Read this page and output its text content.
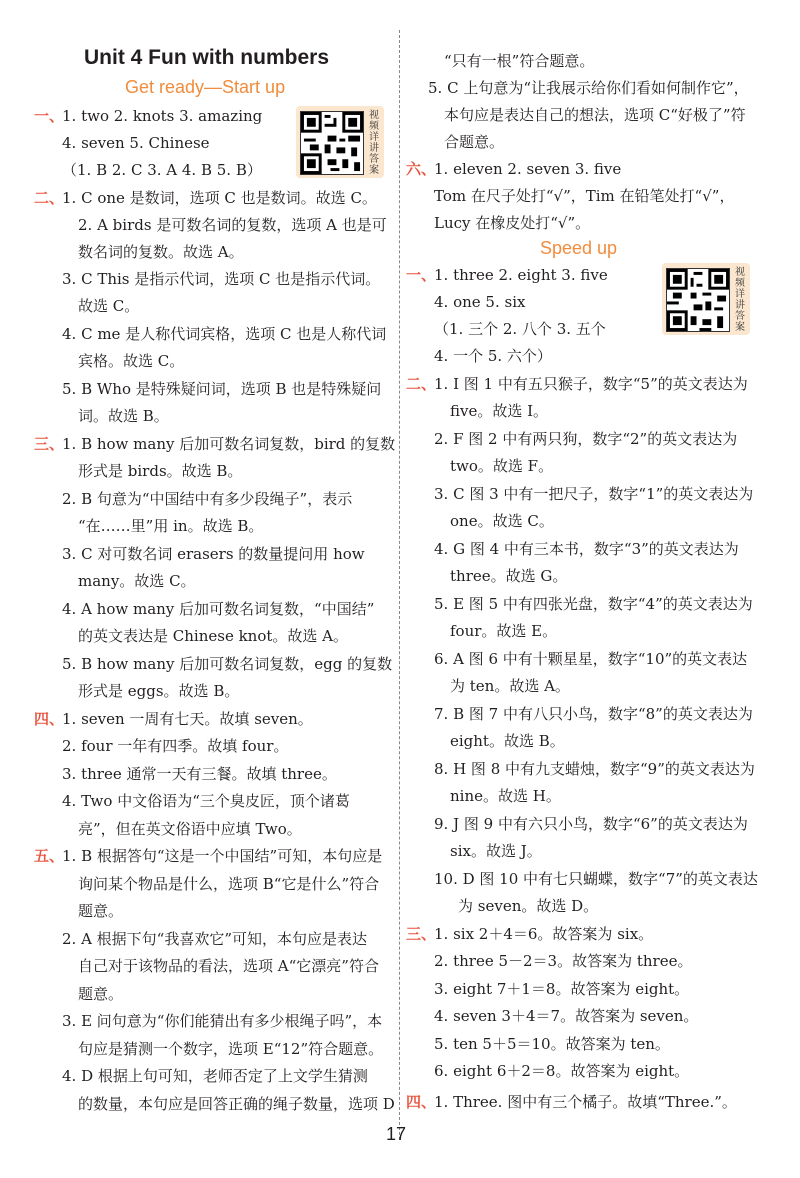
Unit 4 Fun with numbers
Get ready—Start up
一、
1. two 2. knots 3. amazing
4. seven 5. Chinese
（1. B 2. C 3. A 4. B 5. B）
视频详讲答案
二、
1. C one 是数词，选项 C 也是数词。故选 C。
2. A birds 是可数名词的复数，选项 A 也是可
数名词的复数。故选 A。
3. C This 是指示代词，选项 C 也是指示代词。
故选 C。
4. C me 是人称代词宾格，选项 C 也是人称代词
宾格。故选 C。
5. B Who 是特殊疑问词，选项 B 也是特殊疑问
词。故选 B。
三、
1. B how many 后加可数名词复数，bird 的复数
形式是 birds。故选 B。
2. B 句意为“中国结中有多少段绳子”，表示
“在……里”用 in。故选 B。
3. C 对可数名词 erasers 的数量提问用 how
many。故选 C。
4. A how many 后加可数名词复数，“中国结”
的英文表达是 Chinese knot。故选 A。
5. B how many 后加可数名词复数，egg 的复数
形式是 eggs。故选 B。
四、
1. seven 一周有七天。故填 seven。
2. four 一年有四季。故填 four。
3. three 通常一天有三餐。故填 three。
4. Two 中文俗语为“三个臭皮匠，顶个诸葛
亮”，但在英文俗语中应填 Two。
五、
1. B 根据答句“这是一个中国结”可知，本句应是
询问某个物品是什么，选项 B“它是什么”符合
题意。
2. A 根据下句“我喜欢它”可知，本句应是表达
自己对于该物品的看法，选项 A“它漂亮”符合
题意。
3. E 问句意为“你们能猜出有多少根绳子吗”，本
句应是猜测一个数字，选项 E“12”符合题意。
4. D 根据上句可知，老师否定了上文学生猜测
的数量，本句应是回答正确的绳子数量，选项 D
“只有一根”符合题意。
5. C 上句意为“让我展示给你们看如何制作它”，
本句应是表达自己的想法，选项 C“好极了”符
合题意。
六、
1. eleven 2. seven 3. five
Tom 在尺子处打“√”，Tim 在铅笔处打“√”，
Lucy 在橡皮处打“√”。
Speed up
视频详讲答案
一、
1. three 2. eight 3. five
4. one 5. six
（1. 三个 2. 八个 3. 五个
4. 一个 5. 六个）
二、
1. I 图 1 中有五只猴子，数字“5”的英文表达为
five。故选 I。
2. F 图 2 中有两只狗，数字“2”的英文表达为
two。故选 F。
3. C 图 3 中有一把尺子，数字“1”的英文表达为
one。故选 C。
4. G 图 4 中有三本书，数字“3”的英文表达为
three。故选 G。
5. E 图 5 中有四张光盘，数字“4”的英文表达为
four。故选 E。
6. A 图 6 中有十颗星星，数字“10”的英文表达
为 ten。故选 A。
7. B 图 7 中有八只小鸟，数字“8”的英文表达为
eight。故选 B。
8. H 图 8 中有九支蜡烛，数字“9”的英文表达为
nine。故选 H。
9. J 图 9 中有六只小鸟，数字“6”的英文表达为
six。故选 J。
10. D 图 10 中有七只蝴蝶，数字“7”的英文表达
为 seven。故选 D。
三、
1. six 2＋4＝6。故答案为 six。
2. three 5－2＝3。故答案为 three。
3. eight 7＋1＝8。故答案为 eight。
4. seven 3＋4＝7。故答案为 seven。
5. ten 5＋5＝10。故答案为 ten。
6. eight 6＋2＝8。故答案为 eight。
四、
1. Three. 图中有三个橘子。故填“Three.”。
17
